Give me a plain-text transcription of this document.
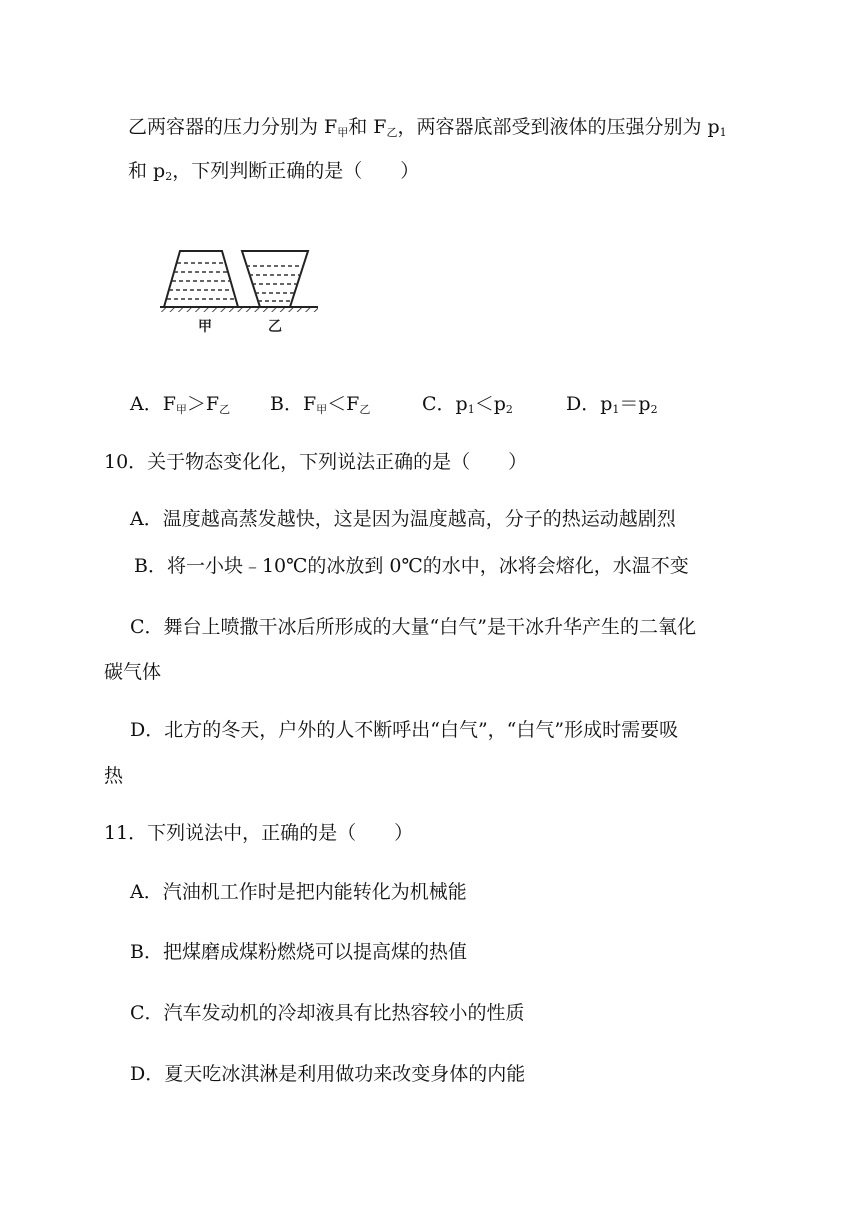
乙两容器的压力分别为 $F_甲$和 $F_乙$，两容器底部受到液体的压强分别为 $p_1$
和 $p_2$，下列判断正确的是（　　）
甲	乙
A．$F_甲>F_乙$ B．$F_甲<F_乙$	C．$p_1<p_2$	D．$p_1=p_2$
10．关于物态变化化，下列说法正确的是（　　）
A．温度越高蒸发越快，这是因为温度越高，分子的热运动越剧烈
B．将一小块﹣10℃的冰放到 0℃的水中，冰将会熔化，水温不变
C．舞台上喷撒干冰后所形成的大量“白气”是干冰升华产生的二氧化
碳气体
D．北方的冬天，户外的人不断呼出“白气”，“白气”形成时需要吸
热
11．下列说法中，正确的是（　　）
A．汽油机工作时是把内能转化为机械能
B．把煤磨成煤粉燃烧可以提高煤的热值
C．汽车发动机的冷却液具有比热容较小的性质
D．夏天吃冰淇淋是利用做功来改变身体的内能
